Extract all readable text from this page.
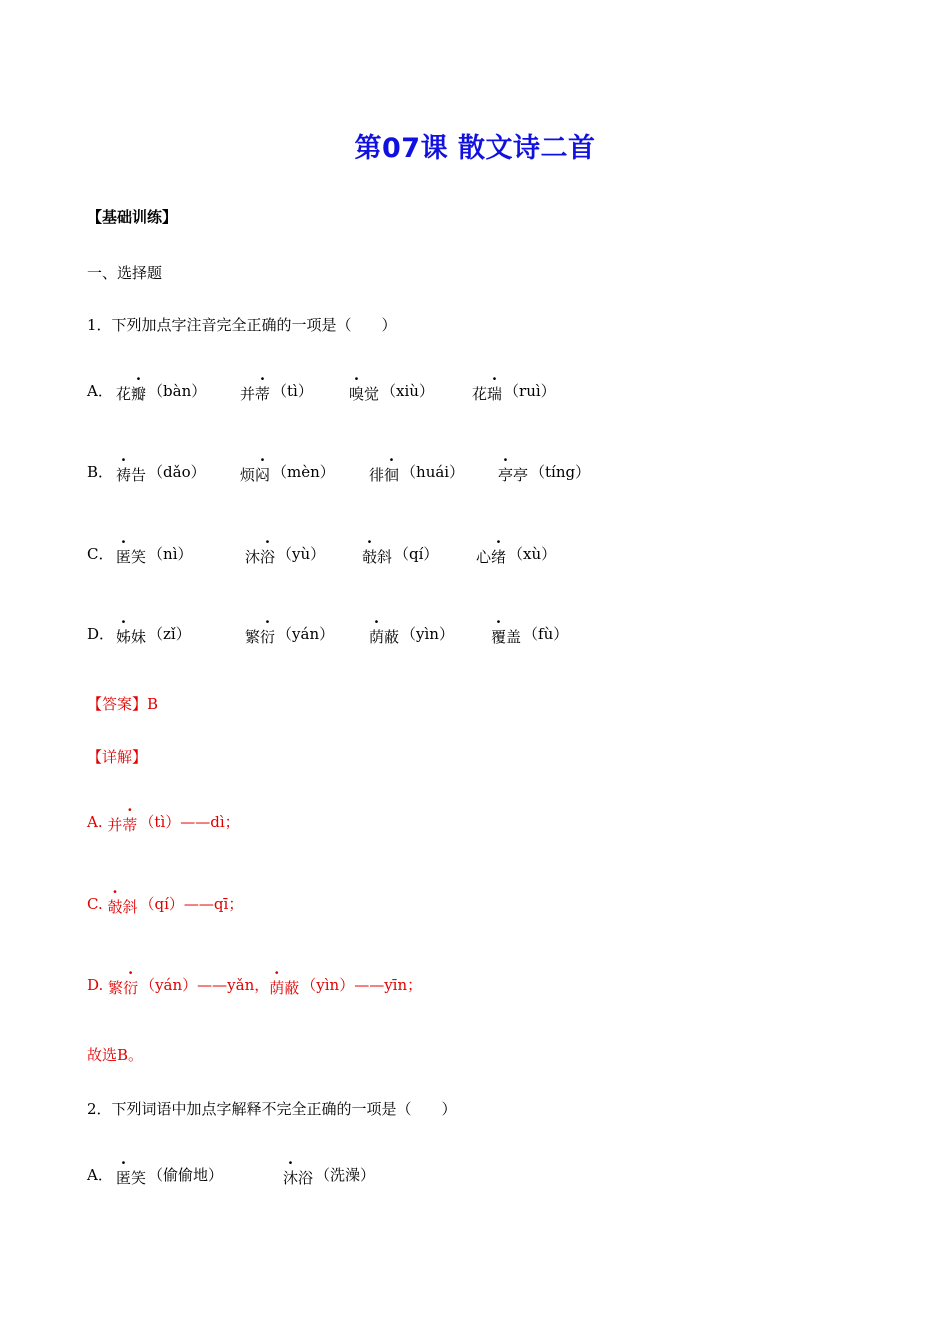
第07课 散文诗二首
【基础训练】
一、选择题
1．下列加点字注音完全正确的一项是（　　）
A． 花瓣 （bàn） 并蒂 （tì） 嗅觉 （xiù）	花瑞 （ruì）
B． 祷告 （dǎo） 烦闷 （mèn） 徘徊 （huái） 亭亭 （tíng）
C． 匿笑 （nì）	沐浴 （yù） 攲斜 （qí）	心绪 （xù）
D． 姊妹 （zǐ）	繁衍 （yán） 荫蔽 （yìn） 覆盖 （fù）
【答案】B
【详解】
A. 并蒂 （tì）——dì；
C. 攲斜 （qí）——qī；
D. 繁衍 （yán）——yǎn，荫蔽 （yìn）——yīn；
故选B。
2．下列词语中加点字解释不完全正确的一项是（　　）
A． 匿笑 （偷偷地）	沐浴 （洗澡）
